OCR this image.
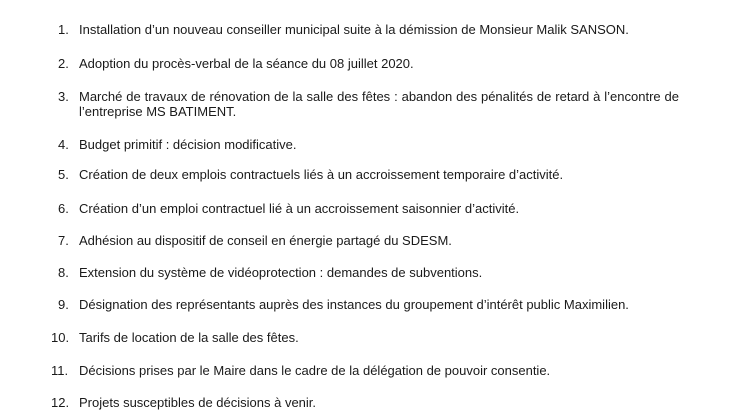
1. Installation d’un nouveau conseiller municipal suite à la démission de Monsieur Malik SANSON.
2. Adoption du procès-verbal de la séance du 08 juillet 2020.
3. Marché de travaux de rénovation de la salle des fêtes : abandon des pénalités de retard à l’encontre de l’entreprise MS BATIMENT.
4. Budget primitif : décision modificative.
5. Création de deux emplois contractuels liés à un accroissement temporaire d’activité.
6. Création d’un emploi contractuel lié à un accroissement saisonnier d’activité.
7. Adhésion au dispositif de conseil en énergie partagé du SDESM.
8. Extension du système de vidéoprotection : demandes de subventions.
9. Désignation des représentants auprès des instances du groupement d’intérêt public Maximilien.
10. Tarifs de location de la salle des fêtes.
11. Décisions prises par le Maire dans le cadre de la délégation de pouvoir consentie.
12. Projets susceptibles de décisions à venir.
